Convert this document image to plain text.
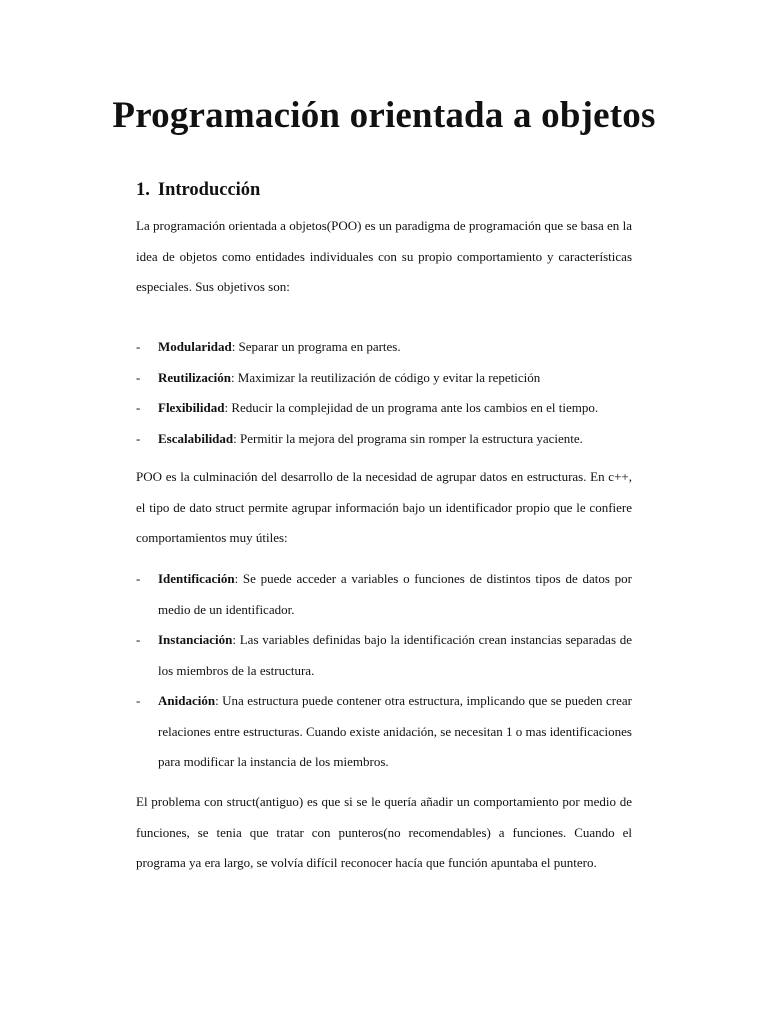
Programación orientada a objetos
1. Introducción

La programación orientada a objetos(POO) es un paradigma de programación que se basa en la idea de objetos como entidades individuales con su propio comportamiento y características especiales. Sus objetivos son:

- Modularidad: Separar un programa en partes.
- Reutilización: Maximizar la reutilización de código y evitar la repetición
- Flexibilidad: Reducir la complejidad de un programa ante los cambios en el tiempo.
- Escalabilidad: Permitir la mejora del programa sin romper la estructura yaciente.

POO es la culminación del desarrollo de la necesidad de agrupar datos en estructuras. En c++, el tipo de dato struct permite agrupar información bajo un identificador propio que le confiere comportamientos muy útiles:

- Identificación: Se puede acceder a variables o funciones de distintos tipos de datos por medio de un identificador.
- Instanciación: Las variables definidas bajo la identificación crean instancias separadas de los miembros de la estructura.
- Anidación: Una estructura puede contener otra estructura, implicando que se pueden crear relaciones entre estructuras. Cuando existe anidación, se necesitan 1 o mas identificaciones para modificar la instancia de los miembros.

El problema con struct(antiguo) es que si se le quería añadir un comportamiento por medio de funciones, se tenia que tratar con punteros(no recomendables) a funciones. Cuando el programa ya era largo, se volvía difícil reconocer hacía que función apuntaba el puntero.
